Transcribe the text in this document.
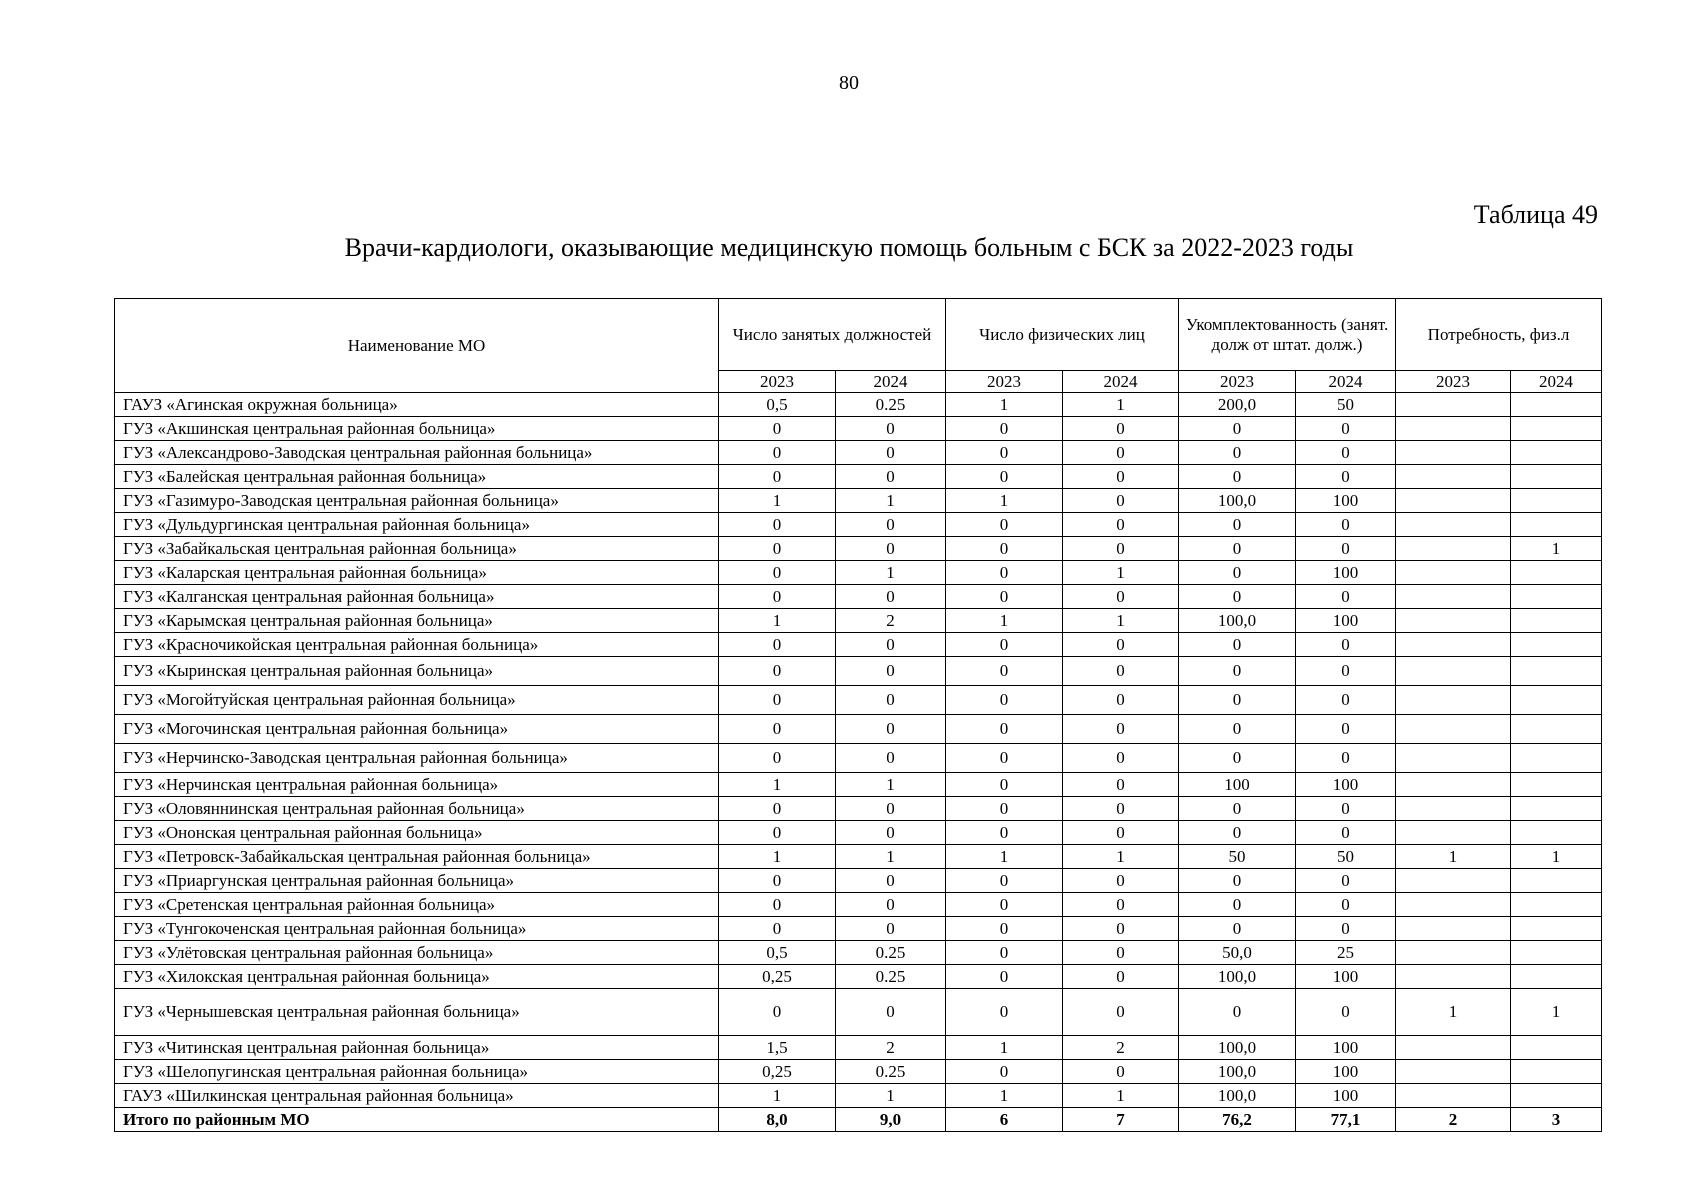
80
Таблица 49
Врачи-кардиологи, оказывающие медицинскую помощь больным с БСК за 2022-2023 годы
Наименование МО	Число занятых должностей		Число физических лиц		Укомплектованность (занят. долж от штат. долж.)		Потребность, физ.л	
	2023	2024	2023	2024	2023	2024	2023	2024
ГАУЗ «Агинская окружная больница»	0,5	0.25	1	1	200,0	50		
ГУЗ «Акшинская центральная районная больница»	0	0	0	0	0	0		
ГУЗ «Александрово-Заводская центральная районная больница»	0	0	0	0	0	0		
ГУЗ «Балейская центральная районная больница»	0	0	0	0	0	0		
ГУЗ «Газимуро-Заводская центральная районная больница»	1	1	1	0	100,0	100		
ГУЗ «Дульдургинская центральная районная больница»	0	0	0	0	0	0		
ГУЗ «Забайкальская центральная районная больница»	0	0	0	0	0	0		1
ГУЗ «Каларская центральная районная больница»	0	1	0	1	0	100		
ГУЗ «Калганская центральная районная больница»	0	0	0	0	0	0		
ГУЗ «Карымская центральная районная больница»	1	2	1	1	100,0	100		
ГУЗ «Красночикойская центральная районная больница»	0	0	0	0	0	0		
ГУЗ «Кыринская центральная районная больница»	0	0	0	0	0	0		
ГУЗ «Могойтуйская центральная районная больница»	0	0	0	0	0	0		
ГУЗ «Могочинская центральная районная больница»	0	0	0	0	0	0		
ГУЗ «Нерчинско-Заводская центральная районная больница»	0	0	0	0	0	0		
ГУЗ «Нерчинская центральная районная больница»	1	1	0	0	100	100		
ГУЗ «Оловяннинская центральная районная больница»	0	0	0	0	0	0		
ГУЗ «Ононская центральная районная больница»	0	0	0	0	0	0		
ГУЗ «Петровск-Забайкальская центральная районная больница»	1	1	1	1	50	50	1	1
ГУЗ «Приаргунская центральная районная больница»	0	0	0	0	0	0		
ГУЗ «Сретенская центральная районная больница»	0	0	0	0	0	0		
ГУЗ «Тунгокоченская центральная районная больница»	0	0	0	0	0	0		
ГУЗ «Улётовская центральная районная больница»	0,5	0.25	0	0	50,0	25		
ГУЗ «Хилокская центральная районная больница»	0,25	0.25	0	0	100,0	100		
ГУЗ «Чернышевская центральная районная больница»	0	0	0	0	0	0	1	1
ГУЗ «Читинская центральная районная больница»	1,5	2	1	2	100,0	100		
ГУЗ «Шелопугинская центральная районная больница»	0,25	0.25	0	0	100,0	100		
ГАУЗ «Шилкинская центральная районная больница»	1	1	1	1	100,0	100		
Итого по районным МО	8,0	9,0	6	7	76,2	77,1	2	3
